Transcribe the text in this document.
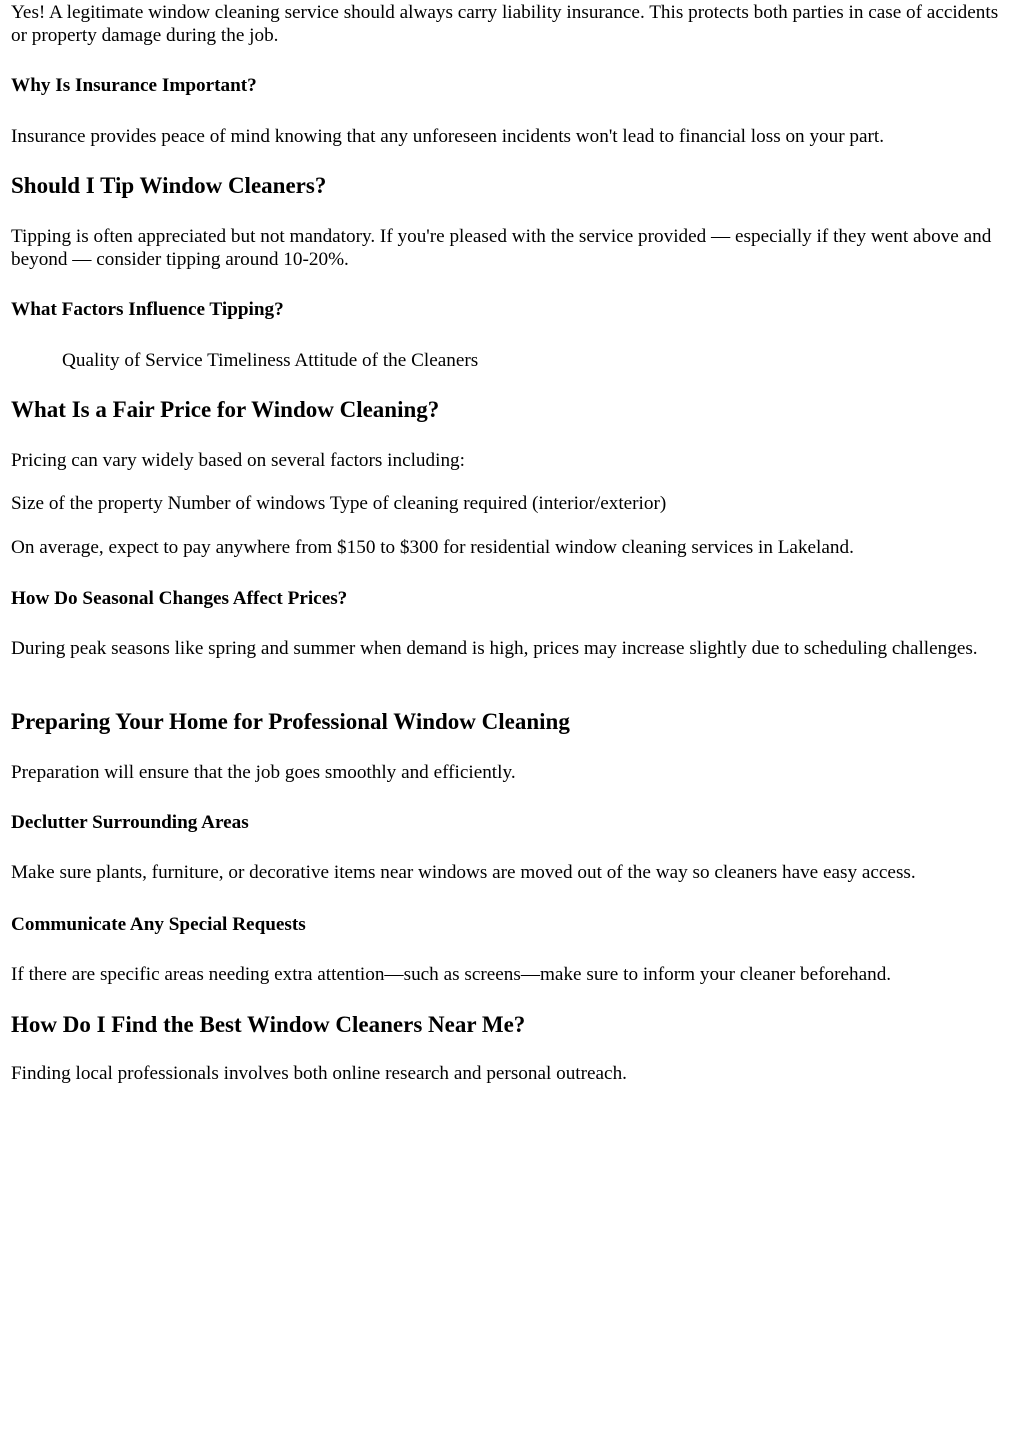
Yes! A legitimate window cleaning service should always carry liability insurance. This protects both parties in case of accidents or property damage during the job.

Why Is Insurance Important?

Insurance provides peace of mind knowing that any unforeseen incidents won't lead to financial loss on your part.

Should I Tip Window Cleaners?

Tipping is often appreciated but not mandatory. If you're pleased with the service provided — especially if they went above and beyond — consider tipping around 10-20%.

What Factors Influence Tipping?

Quality of Service Timeliness Attitude of the Cleaners

What Is a Fair Price for Window Cleaning?

Pricing can vary widely based on several factors including:

Size of the property Number of windows Type of cleaning required (interior/exterior)

On average, expect to pay anywhere from $150 to $300 for residential window cleaning services in Lakeland.

How Do Seasonal Changes Affect Prices?

During peak seasons like spring and summer when demand is high, prices may increase slightly due to scheduling challenges.

Preparing Your Home for Professional Window Cleaning

Preparation will ensure that the job goes smoothly and efficiently.

Declutter Surrounding Areas

Make sure plants, furniture, or decorative items near windows are moved out of the way so cleaners have easy access.

Communicate Any Special Requests

If there are specific areas needing extra attention—such as screens—make sure to inform your cleaner beforehand.

How Do I Find the Best Window Cleaners Near Me?

Finding local professionals involves both online research and personal outreach.
